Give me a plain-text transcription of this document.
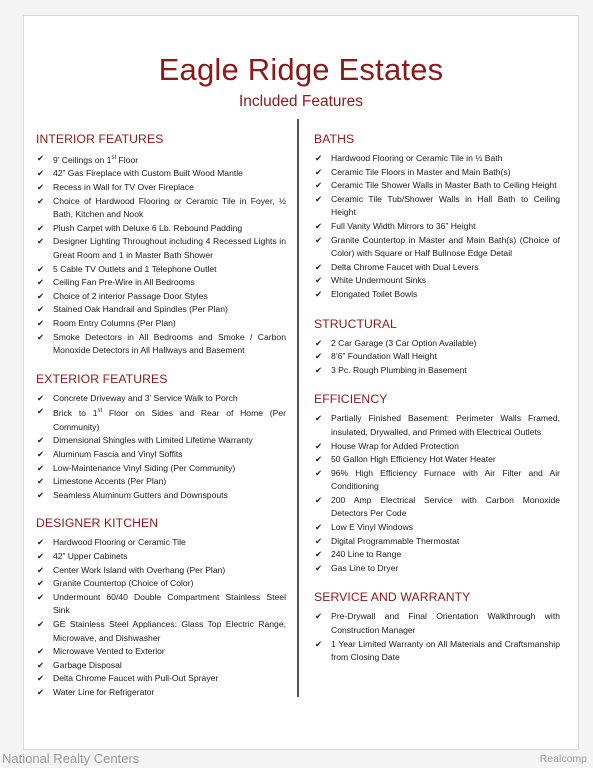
Eagle Ridge Estates
Included Features
INTERIOR FEATURES
✔ 9’ Ceilings on 1st Floor
✔ 42” Gas Fireplace with Custom Built Wood Mantle
✔ Recess in Wall for TV Over Fireplace
✔ Choice of Hardwood Flooring or Ceramic Tile in Foyer, ½ Bath, Kitchen and Nook
✔ Plush Carpet with Deluxe 6 Lb. Rebound Padding
✔ Designer Lighting Throughout including 4 Recessed Lights in Great Room and 1 in Master Bath Shower
✔ 5 Cable TV Outlets and 1 Telephone Outlet
✔ Ceiling Fan Pre-Wire in All Bedrooms
✔ Choice of 2 interior Passage Door Styles
✔ Stained Oak Handrail and Spindles (Per Plan)
✔ Room Entry Columns (Per Plan)
✔ Smoke Detectors in All Bedrooms and Smoke / Carbon Monoxide Detectors in All Hallways and Basement
EXTERIOR FEATURES
✔ Concrete Driveway and 3’ Service Walk to Porch
✔ Brick to 1st Floor on Sides and Rear of Home (Per Community)
✔ Dimensional Shingles with Limited Lifetime Warranty
✔ Aluminum Fascia and Vinyl Soffits
✔ Low-Maintenance Vinyl Siding (Per Community)
✔ Limestone Accents (Per Plan)
✔ Seamless Aluminum Gutters and Downspouts
DESIGNER KITCHEN
✔ Hardwood Flooring or Ceramic Tile
✔ 42” Upper Cabinets
✔ Center Work Island with Overhang (Per Plan)
✔ Granite Countertop (Choice of Color)
✔ Undermount 60/40 Double Compartment Stainless Steel Sink
✔ GE Stainless Steel Appliances: Glass Top Electric Range, Microwave, and Dishwasher
✔ Microwave Vented to Exterior
✔ Garbage Disposal
✔ Delta Chrome Faucet with Pull-Out Sprayer
✔ Water Line for Refrigerator
BATHS
✔ Hardwood Flooring or Ceramic Tile in ½ Bath
✔ Ceramic Tile Floors in Master and Main Bath(s)
✔ Ceramic Tile Shower Walls in Master Bath to Ceiling Height
✔ Ceramic Tile Tub/Shower Walls in Hall Bath to Ceiling Height
✔ Full Vanity Width Mirrors to 36” Height
✔ Granite Countertop in Master and Main Bath(s) (Choice of Color) with Square or Half Bullnose Edge Detail
✔ Delta Chrome Faucet with Dual Levers
✔ White Undermount Sinks
✔ Elongated Toilet Bowls
STRUCTURAL
✔ 2 Car Garage (3 Car Option Available)
✔ 8’6” Foundation Wall Height
✔ 3 Pc. Rough Plumbing in Basement
EFFICIENCY
✔ Partially Finished Basement: Perimeter Walls Framed, insulated, Drywalled, and Primed with Electrical Outlets
✔ House Wrap for Added Protection
✔ 50 Gallon High Efficiency Hot Water Heater
✔ 96% High Efficiency Furnace with Air Filter and Air Conditioning
✔ 200 Amp Electrical Service with Carbon Monoxide Detectors Per Code
✔ Low E Vinyl Windows
✔ Digital Programmable Thermostat
✔ 240 Line to Range
✔ Gas Line to Dryer
SERVICE AND WARRANTY
✔ Pre-Drywall and Final Orientation Walkthrough with Construction Manager
✔ 1 Year Limited Warranty on All Materials and Craftsmanship from Closing Date
National Realty Centers	Realcomp
